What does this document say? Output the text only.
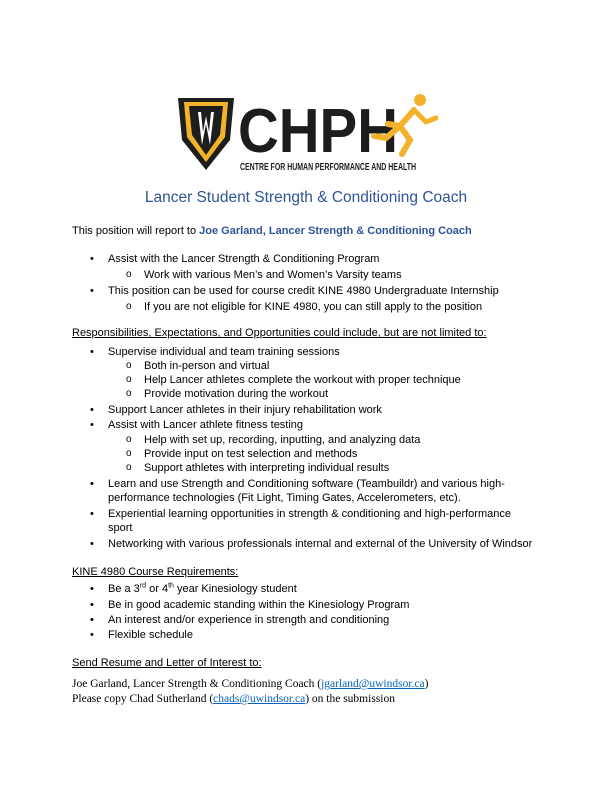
CHPH
CENTRE FOR HUMAN PERFORMANCE AND HEALTH
Lancer Student Strength & Conditioning Coach
This position will report to Joe Garland, Lancer Strength & Conditioning Coach
• Assist with the Lancer Strength & Conditioning Program
o Work with various Men’s and Women’s Varsity teams
• This position can be used for course credit KINE 4980 Undergraduate Internship
o If you are not eligible for KINE 4980, you can still apply to the position
Responsibilities, Expectations, and Opportunities could include, but are not limited to:
• Supervise individual and team training sessions
o Both in-person and virtual
o Help Lancer athletes complete the workout with proper technique
o Provide motivation during the workout
• Support Lancer athletes in their injury rehabilitation work
• Assist with Lancer athlete fitness testing
o Help with set up, recording, inputting, and analyzing data
o Provide input on test selection and methods
o Support athletes with interpreting individual results
• Learn and use Strength and Conditioning software (Teambuildr) and various high-
performance technologies (Fit Light, Timing Gates, Accelerometers, etc).
• Experiential learning opportunities in strength & conditioning and high-performance
sport
• Networking with various professionals internal and external of the University of Windsor
KINE 4980 Course Requirements:
• Be a 3rd or 4th year Kinesiology student
• Be in good academic standing within the Kinesiology Program
• An interest and/or experience in strength and conditioning
• Flexible schedule
Send Resume and Letter of Interest to:
Joe Garland, Lancer Strength & Conditioning Coach (jgarland@uwindsor.ca)
Please copy Chad Sutherland (chads@uwindsor.ca) on the submission
